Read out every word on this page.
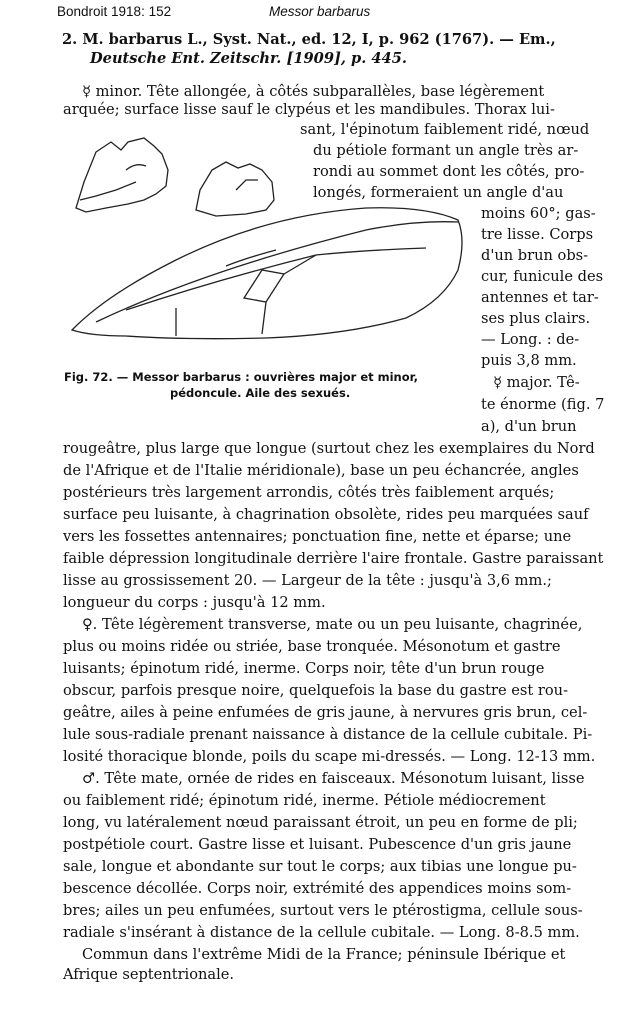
Bondroit 1918: 152	Messor barbarus
2. M. barbarus L., Syst. Nat., ed. 12, I, p. 962 (1767). — Em.,
Deutsche Ent. Zeitschr. [1909], p. 445.
☿ minor. Tête allongée, à côtés subparallèles, base légèrement
arquée; surface lisse sauf le clypéus et les mandibules. Thorax lui-
sant, l'épinotum faiblement ridé, nœud
du pétiole formant un angle très ar-
rondi au sommet dont les côtés, pro-
longés, formeraient un angle d'au
moins 60°; gas-
tre lisse. Corps
d'un brun obs-
cur, funicule des
antennes et tar-
ses plus clairs.
— Long. : de-
puis 3,8 mm.
☿ major. Tê-
te énorme (fig. 7
a), d'un brun
rougeâtre, plus large que longue (surtout chez les exemplaires du Nord
de l'Afrique et de l'Italie méridionale), base un peu échancrée, angles
postérieurs très largement arrondis, côtés très faiblement arqués;
surface peu luisante, à chagrination obsolète, rides peu marquées sauf
vers les fossettes antennaires; ponctuation fine, nette et éparse; une
faible dépression longitudinale derrière l'aire frontale. Gastre paraissant
lisse au grossissement 20. — Largeur de la tête : jusqu'à 3,6 mm.;
longueur du corps : jusqu'à 12 mm.
♀. Tête légèrement transverse, mate ou un peu luisante, chagrinée,
plus ou moins ridée ou striée, base tronquée. Mésonotum et gastre
luisants; épinotum ridé, inerme. Corps noir, tête d'un brun rouge
obscur, parfois presque noire, quelquefois la base du gastre est rou-
geâtre, ailes à peine enfumées de gris jaune, à nervures gris brun, cel-
lule sous-radiale prenant naissance à distance de la cellule cubitale. Pi-
losité thoracique blonde, poils du scape mi-dressés. — Long. 12-13 mm.
♂. Tête mate, ornée de rides en faisceaux. Mésonotum luisant, lisse
ou faiblement ridé; épinotum ridé, inerme. Pétiole médiocrement
long, vu latéralement nœud paraissant étroit, un peu en forme de pli;
postpétiole court. Gastre lisse et luisant. Pubescence d'un gris jaune
sale, longue et abondante sur tout le corps; aux tibias une longue pu-
bescence décollée. Corps noir, extrémité des appendices moins som-
bres; ailes un peu enfumées, surtout vers le ptérostigma, cellule sous-
radiale s'insérant à distance de la cellule cubitale. — Long. 8-8.5 mm.
Commun dans l'extrême Midi de la France; péninsule Ibérique et
Afrique septentrionale.
Fig. 72. — Messor barbarus : ouvrières major et minor,
pédoncule. Aile des sexués.
